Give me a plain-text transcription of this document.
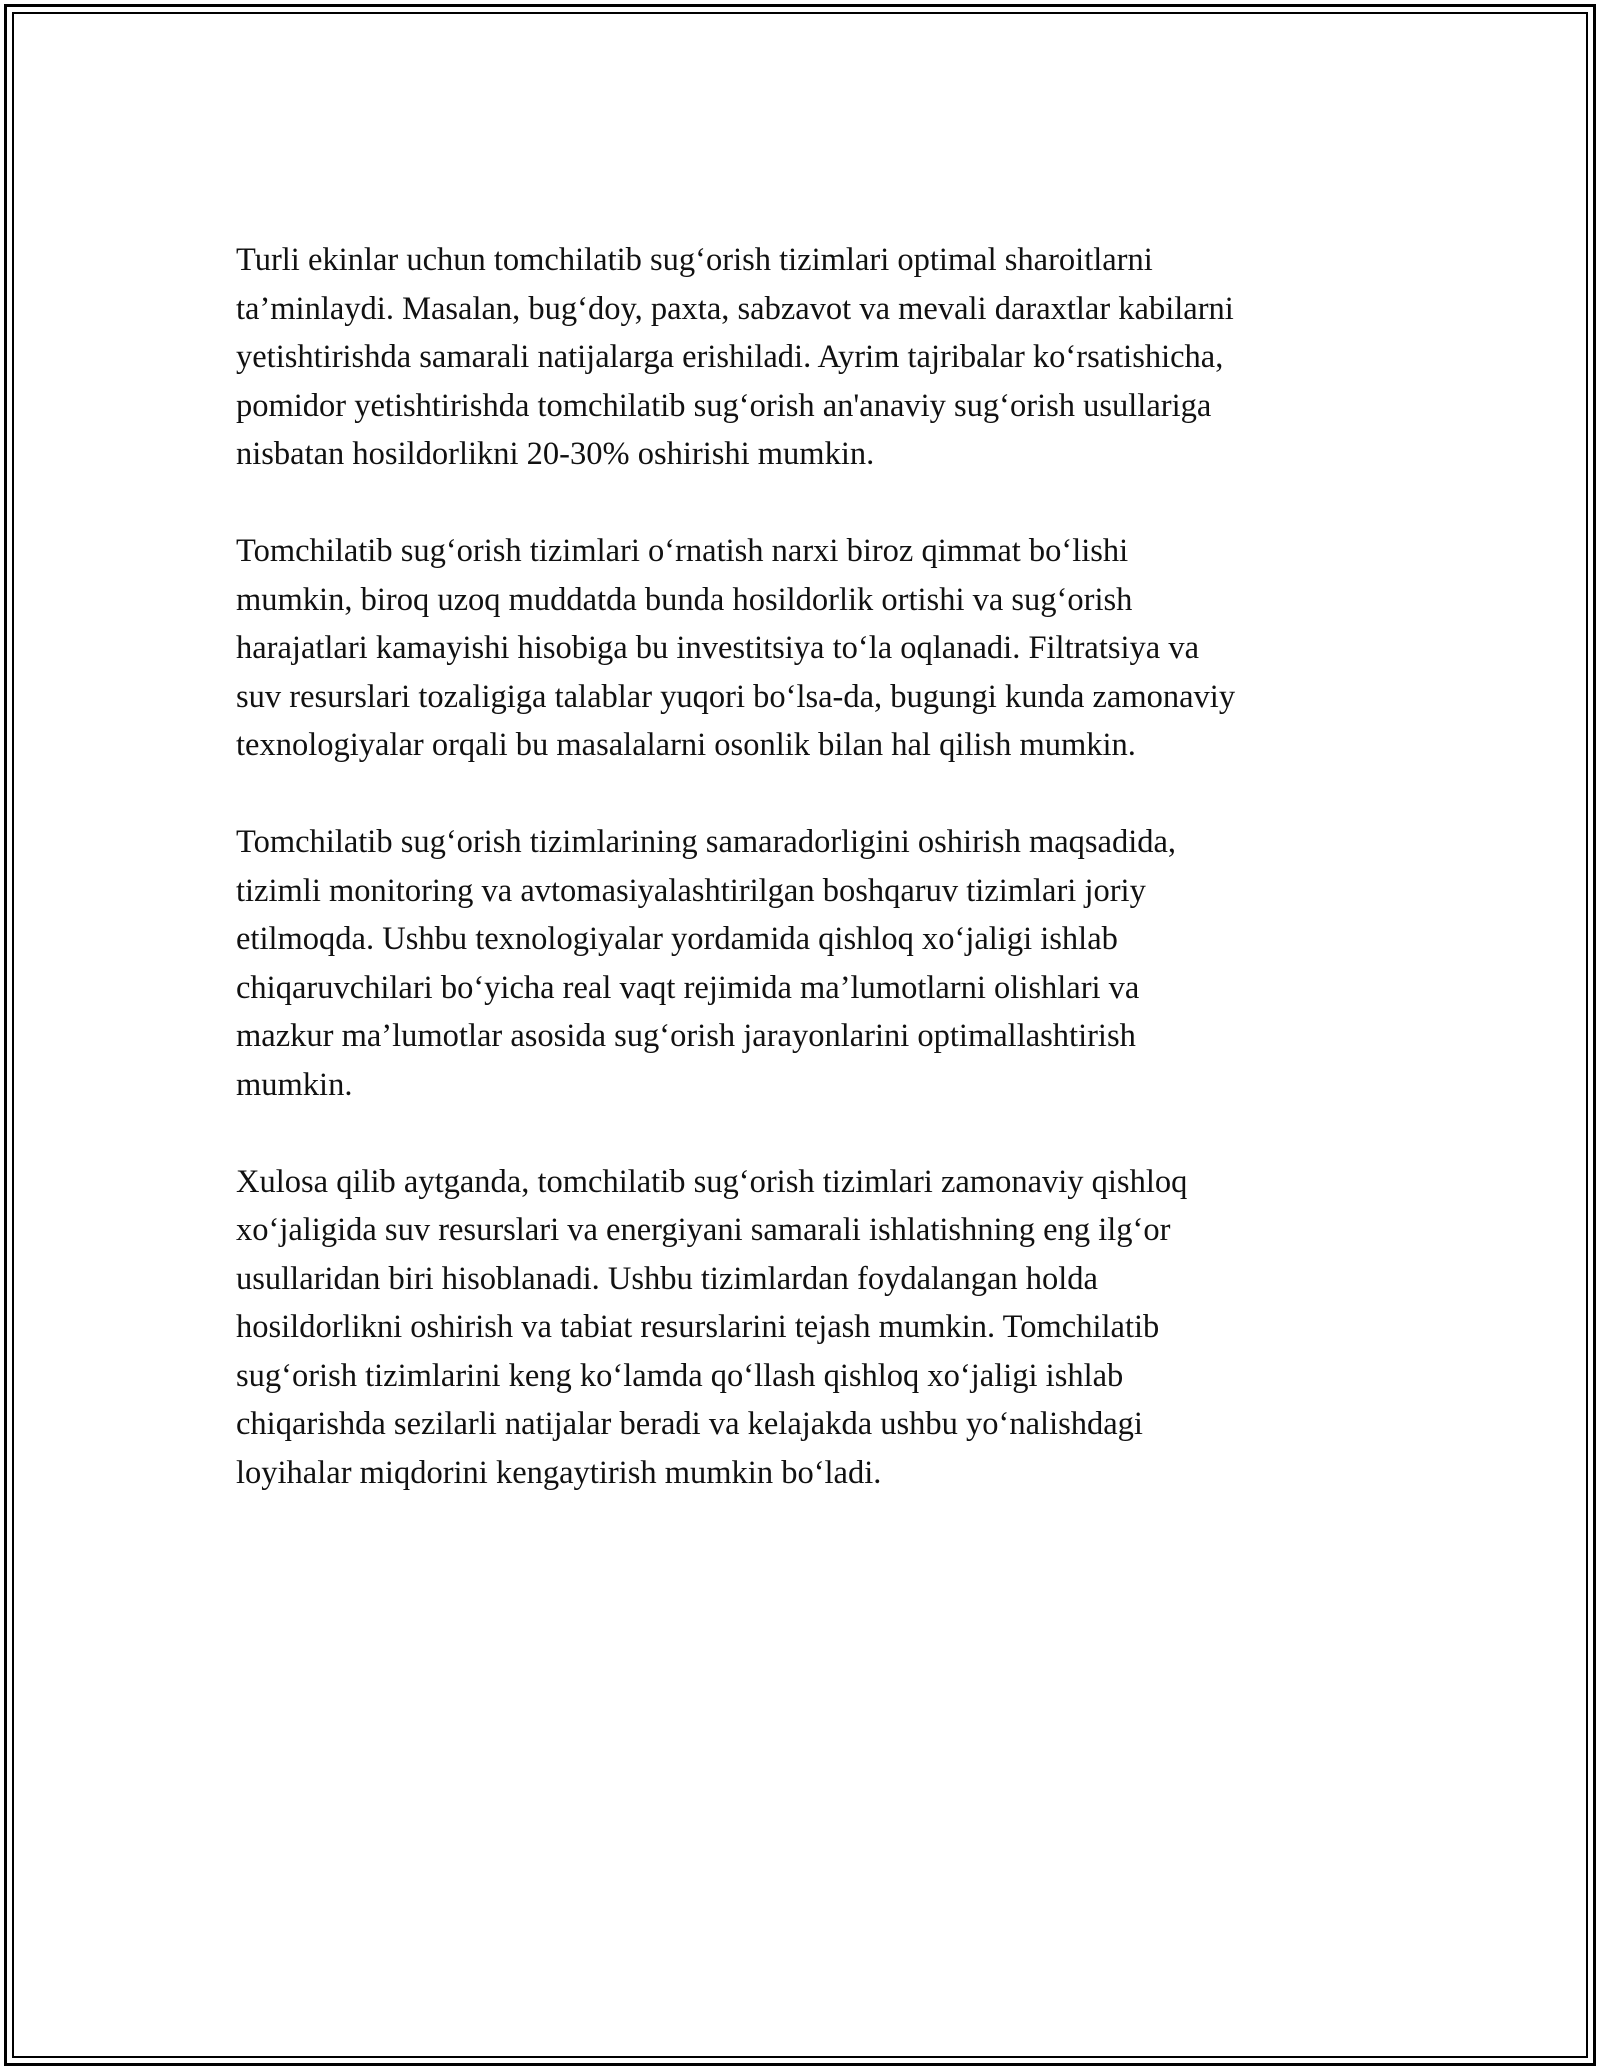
Turli ekinlar uchun tomchilatib sug‘orish tizimlari optimal sharoitlarni
ta’minlaydi. Masalan, bug‘doy, paxta, sabzavot va mevali daraxtlar kabilarni
yetishtirishda samarali natijalarga erishiladi. Ayrim tajribalar ko‘rsatishicha,
pomidor yetishtirishda tomchilatib sug‘orish an'anaviy sug‘orish usullariga
nisbatan hosildorlikni 20-30% oshirishi mumkin.

Tomchilatib sug‘orish tizimlari o‘rnatish narxi biroz qimmat bo‘lishi
mumkin, biroq uzoq muddatda bunda hosildorlik ortishi va sug‘orish
harajatlari kamayishi hisobiga bu investitsiya to‘la oqlanadi. Filtratsiya va
suv resurslari tozaligiga talablar yuqori bo‘lsa-da, bugungi kunda zamonaviy
texnologiyalar orqali bu masalalarni osonlik bilan hal qilish mumkin.

Tomchilatib sug‘orish tizimlarining samaradorligini oshirish maqsadida,
tizimli monitoring va avtomasiyalashtirilgan boshqaruv tizimlari joriy
etilmoqda. Ushbu texnologiyalar yordamida qishloq xo‘jaligi ishlab
chiqaruvchilari bo‘yicha real vaqt rejimida ma’lumotlarni olishlari va
mazkur ma’lumotlar asosida sug‘orish jarayonlarini optimallashtirish
mumkin.

Xulosa qilib aytganda, tomchilatib sug‘orish tizimlari zamonaviy qishloq
xo‘jaligida suv resurslari va energiyani samarali ishlatishning eng ilg‘or
usullaridan biri hisoblanadi. Ushbu tizimlardan foydalangan holda
hosildorlikni oshirish va tabiat resurslarini tejash mumkin. Tomchilatib
sug‘orish tizimlarini keng ko‘lamda qo‘llash qishloq xo‘jaligi ishlab
chiqarishda sezilarli natijalar beradi va kelajakda ushbu yo‘nalishdagi
loyihalar miqdorini kengaytirish mumkin bo‘ladi.
